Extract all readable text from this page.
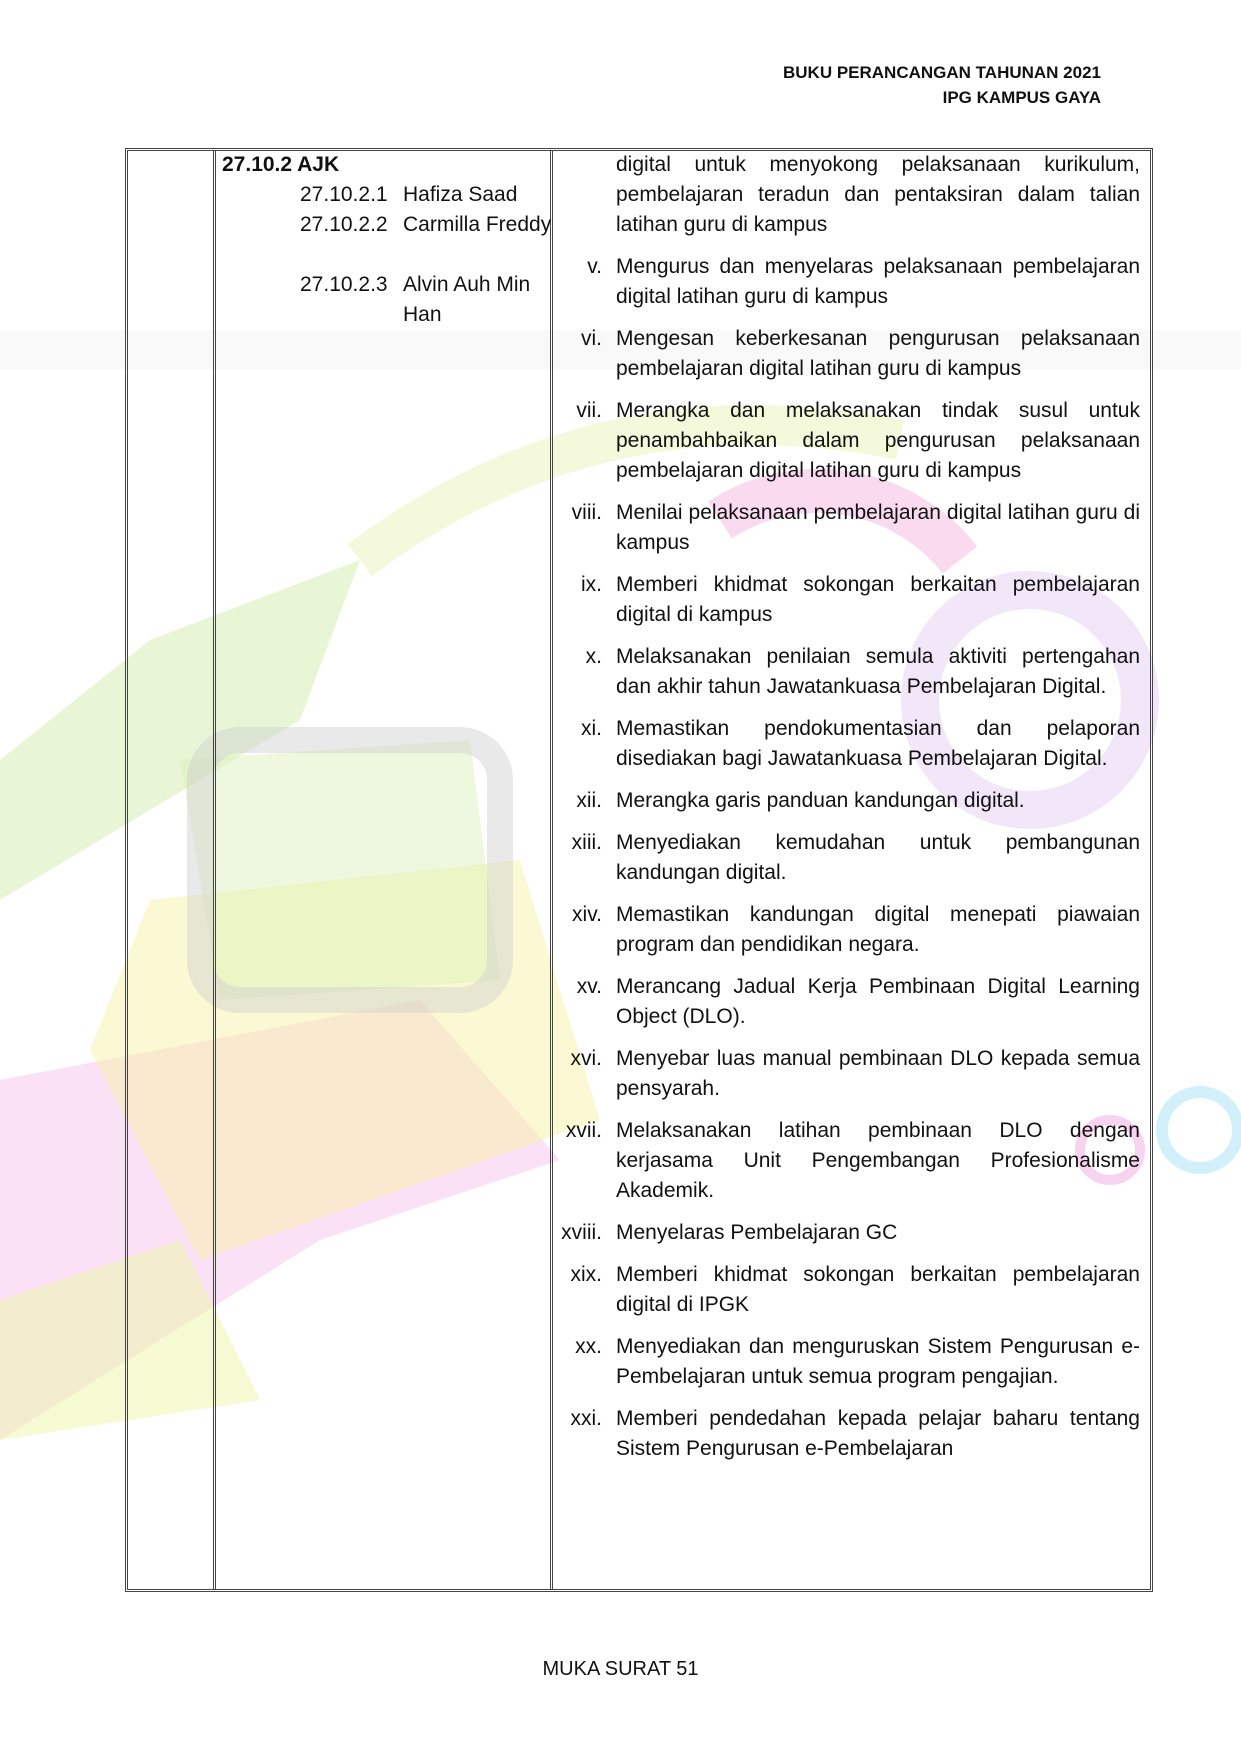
BUKU PERANCANGAN TAHUNAN 2021
IPG KAMPUS GAYA

27.10.2 AJK

27.10.2.1 Hafiza Saad
27.10.2.2 Carmilla Freddy
27.10.2.3 Alvin Auh Min Han

digital untuk menyokong pelaksanaan kurikulum, pembelajaran teradun dan pentaksiran dalam talian latihan guru di kampus

v. Mengurus dan menyelaras pelaksanaan pembelajaran digital latihan guru di kampus
vi. Mengesan keberkesanan pengurusan pelaksanaan pembelajaran digital latihan guru di kampus
vii. Merangka dan melaksanakan tindak susul untuk penambahbaikan dalam pengurusan pelaksanaan pembelajaran digital latihan guru di kampus
viii. Menilai pelaksanaan pembelajaran digital latihan guru di kampus
ix. Memberi khidmat sokongan berkaitan pembelajaran digital di kampus
x. Melaksanakan penilaian semula aktiviti pertengahan dan akhir tahun Jawatankuasa Pembelajaran Digital.
xi. Memastikan pendokumentasian dan pelaporan disediakan bagi Jawatankuasa Pembelajaran Digital.
xii. Merangka garis panduan kandungan digital.
xiii. Menyediakan kemudahan untuk pembangunan kandungan digital.
xiv. Memastikan kandungan digital menepati piawaian program dan pendidikan negara.
xv. Merancang Jadual Kerja Pembinaan Digital Learning Object (DLO).
xvi. Menyebar luas manual pembinaan DLO kepada semua pensyarah.
xvii. Melaksanakan latihan pembinaan DLO dengan kerjasama Unit Pengembangan Profesionalisme Akademik.
xviii. Menyelaras Pembelajaran GC
xix. Memberi khidmat sokongan berkaitan pembelajaran digital di IPGK
xx. Menyediakan dan menguruskan Sistem Pengurusan e-Pembelajaran untuk semua program pengajian.
xxi. Memberi pendedahan kepada pelajar baharu tentang Sistem Pengurusan e-Pembelajaran
MUKA SURAT 51
